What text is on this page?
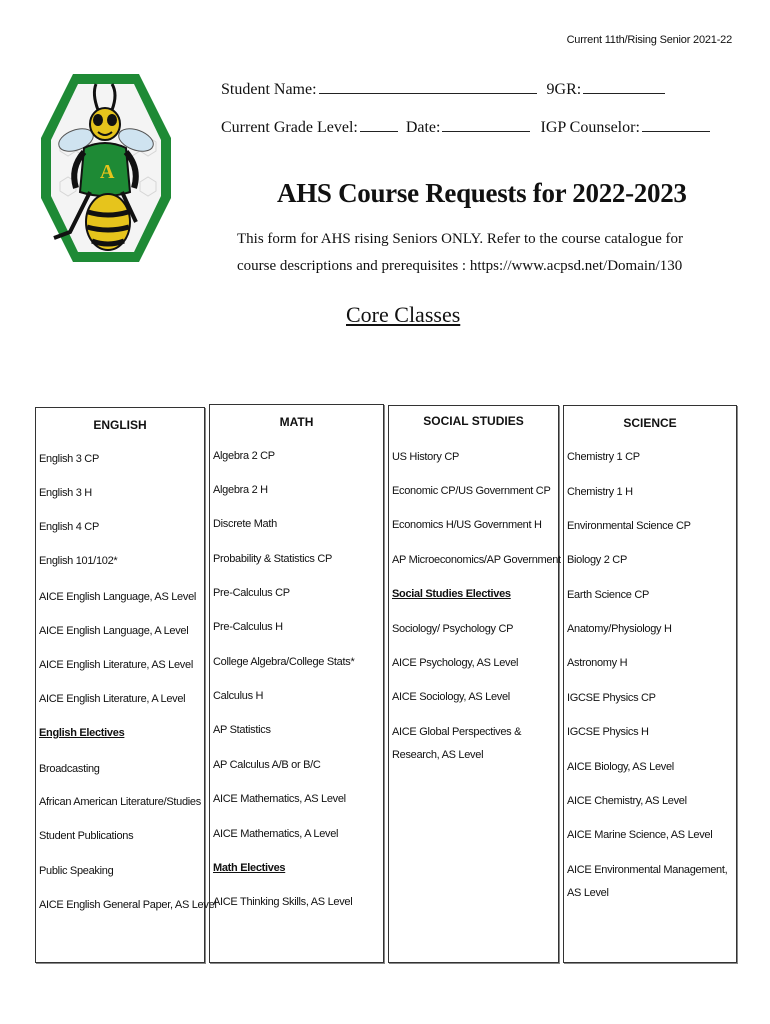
Current 11th/Rising Senior 2021-22
A
Student Name:	9GR:
Current Grade Level:	Date:	IGP Counselor:
AHS Course Requests for 2022-2023
This form for AHS rising Seniors ONLY. Refer to the course catalogue for course descriptions and prerequisites : https://www.acpsd.net/Domain/130
Core Classes
ENGLISH
English 3 CP
English 3 H
English 4 CP
English 101/102*
AICE English Language, AS Level
AICE English Language, A Level
AICE English Literature, AS Level
AICE English Literature, A Level
English Electives
Broadcasting
African American Literature/Studies
Student Publications
Public Speaking
AICE English General Paper, AS Level
MATH
Algebra 2 CP
Algebra 2 H
Discrete Math
Probability & Statistics CP
Pre-Calculus CP
Pre-Calculus H
College Algebra/College Stats*
Calculus H
AP Statistics
AP Calculus A/B or B/C
AICE Mathematics, AS Level
AICE Mathematics, A Level
Math Electives
AICE Thinking Skills, AS Level
SOCIAL STUDIES
US History CP
Economic CP/US Government CP
Economics H/US Government H
AP Microeconomics/AP Government
Social Studies Electives
Sociology/ Psychology CP
AICE Psychology, AS Level
AICE Sociology, AS Level
AICE Global Perspectives & Research, AS Level
SCIENCE
Chemistry 1 CP
Chemistry 1 H
Environmental Science CP
Biology 2 CP
Earth Science CP
Anatomy/Physiology H
Astronomy H
IGCSE Physics CP
IGCSE Physics H
AICE Biology, AS Level
AICE Chemistry, AS Level
AICE Marine Science, AS Level
AICE Environmental Management, AS Level
